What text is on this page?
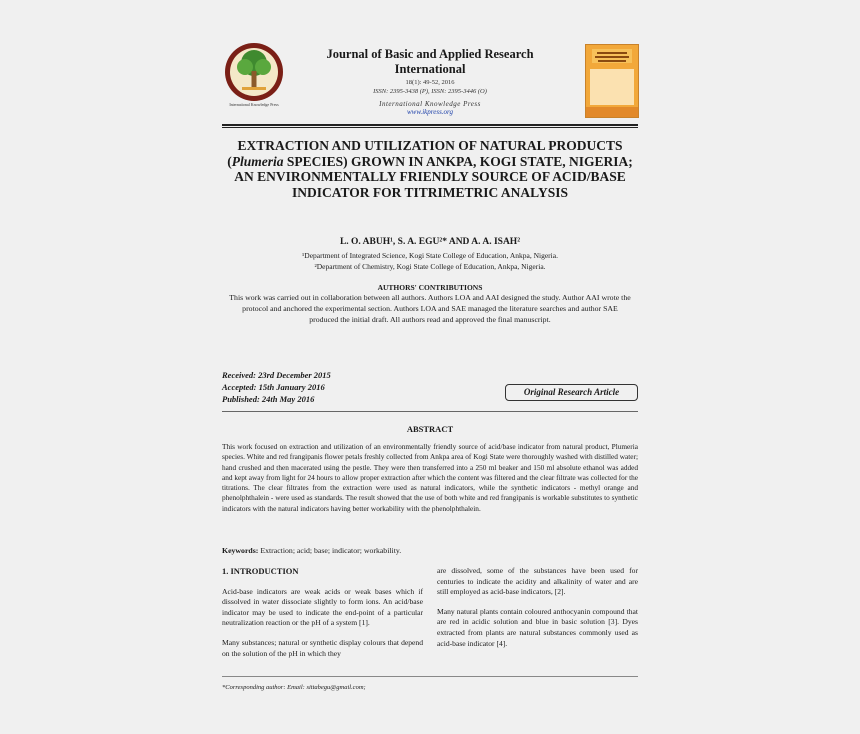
International Knowledge Press
Journal of Basic and Applied Research
International
18(1): 49-52, 2016
ISSN: 2395-3438 (P), ISSN: 2395-3446 (O)
International Knowledge Press
www.ikpress.org
EXTRACTION AND UTILIZATION OF NATURAL PRODUCTS (Plumeria SPECIES) GROWN IN ANKPA, KOGI STATE, NIGERIA; AN ENVIRONMENTALLY FRIENDLY SOURCE OF ACID/BASE INDICATOR FOR TITRIMETRIC ANALYSIS
L. O. ABUH¹, S. A. EGU²* AND A. A. ISAH²
¹Department of Integrated Science, Kogi State College of Education, Ankpa, Nigeria.
²Department of Chemistry, Kogi State College of Education, Ankpa, Nigeria.
AUTHORS' CONTRIBUTIONS
This work was carried out in collaboration between all authors. Authors LOA and AAI designed the study. Author AAI wrote the protocol and anchored the experimental section. Authors LOA and SAE managed the literature searches and author SAE produced the initial draft. All authors read and approved the final manuscript.
Received: 23rd December 2015
Accepted: 15th January 2016
Published: 24th May 2016
Original Research Article
ABSTRACT
This work focused on extraction and utilization of an environmentally friendly source of acid/base indicator from natural product, Plumeria species. White and red frangipanis flower petals freshly collected from Ankpa area of Kogi State were thoroughly washed with distilled water; hand crushed and then macerated using the pestle. They were then transferred into a 250 ml beaker and 150 ml absolute ethanol was added and kept away from light for 24 hours to allow proper extraction after which the content was filtered and the clear filtrate was collected for the titrations. The clear filtrates from the extraction were used as natural indicators, while the synthetic indicators - methyl orange and phenolphthalein - were used as standards. The result showed that the use of both white and red frangipanis is workable substitutes to synthetic indicators with the natural indicators having better workability with the phenolphthalein.
Keywords: Extraction; acid; base; indicator; workability.
1. INTRODUCTION

Acid-base indicators are weak acids or weak bases which if dissolved in water dissociate slightly to form ions. An acid/base indicator may be used to indicate the end-point of a particular neutralization reaction or the pH of a system [1].

Many substances; natural or synthetic display colours that depend on the solution of the pH in which they

are dissolved, some of the substances have been used for centuries to indicate the acidity and alkalinity of water and are still employed as acid-base indicators, [2].

Many natural plants contain coloured anthocyanin compound that are red in acidic solution and blue in basic solution [3]. Dyes extracted from plants are natural substances commonly used as acid-base indicator [4].

*Corresponding author: Email: sittabegu@gmail.com;
